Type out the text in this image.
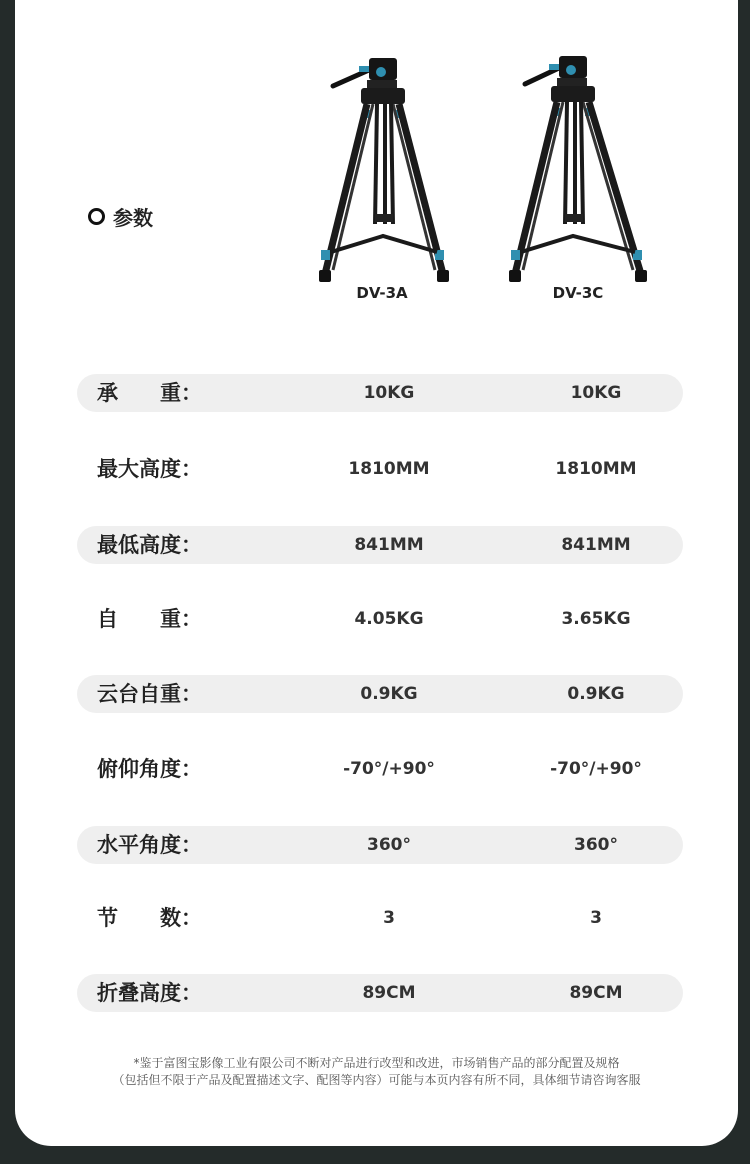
参数
DV-3A	DV-3C
承　　重：	10KG	10KG
最大高度：	1810MM	1810MM
最低高度：	841MM	841MM
自　　重：	4.05KG	3.65KG
云台自重：	0.9KG	0.9KG
俯仰角度：	-70°/+90°	-70°/+90°
水平角度：	360°	360°
节　　数：	3	3
折叠高度：	89CM	89CM
*鉴于富图宝影像工业有限公司不断对产品进行改型和改进，市场销售产品的部分配置及规格
（包括但不限于产品及配置描述文字、配图等内容）可能与本页内容有所不同，具体细节请咨询客服
